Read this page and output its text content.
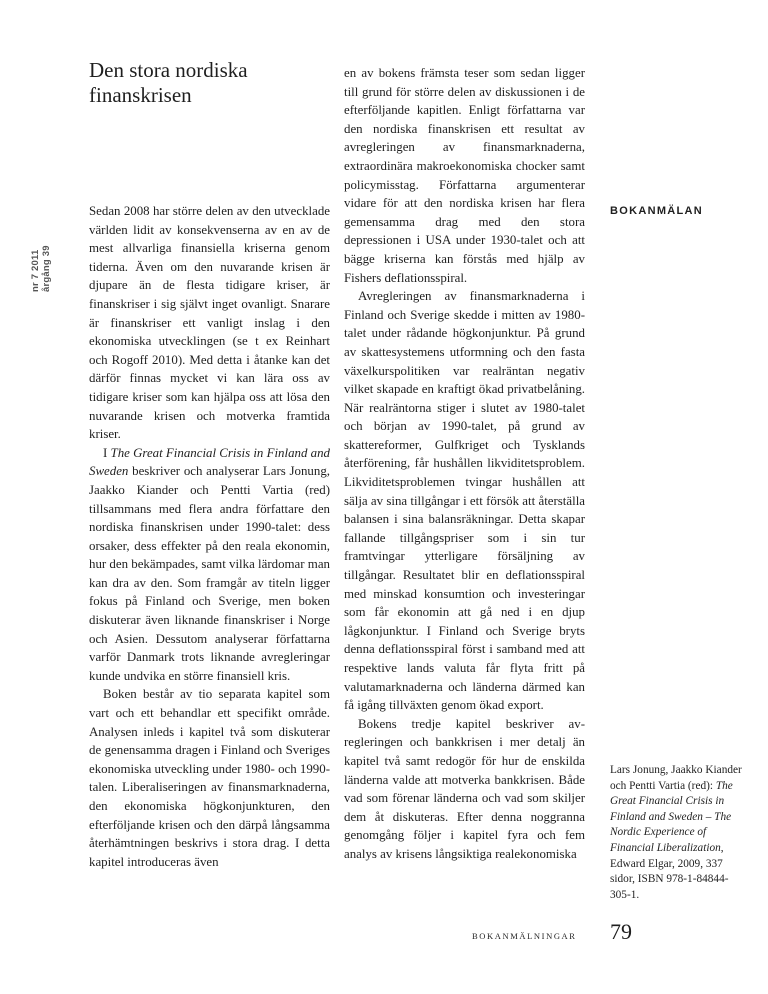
Den stora nordiska finanskrisen
nr 7 2011 årgång 39

Sedan 2008 har större delen av den utvecklade världen lidit av konsekvenserna av en av de mest allvarliga finansiella kriserna genom tiderna. Även om den nuvarande krisen är djupare än de flesta tidigare kriser, är finanskriser i sig självt inget ovanligt. Snarare är finanskriser ett vanligt inslag i den ekonomiska utvecklingen (se t ex Reinhart och Rogoff 2010). Med detta i åtanke kan det därför finnas mycket vi kan lära oss av tidigare kriser som kan hjälpa oss att lösa den nuvarande krisen och motverka framtida kriser.

I The Great Financial Crisis in Finland and Sweden beskriver och analyserar Lars Jonung, Jaakko Kiander och Pentti Vartia (red) tillsammans med flera andra författare den nordiska finanskrisen under 1990-talet: dess orsaker, dess effekter på den reala ekonomin, hur den bekämpades, samt vilka lärdomar man kan dra av den. Som framgår av titeln ligger fokus på Finland och Sverige, men boken diskuterar även liknande finanskriser i Norge och Asien. Dessutom analyserar författarna varför Danmark trots liknande avregleringar kunde undvika en större finansiell kris.

Boken består av tio separata kapitel som vart och ett behandlar ett specifikt område. Analysen inleds i kapitel två som diskuterar de genensamma dragen i Finland och Sveriges ekonomiska utveckling under 1980- och 1990-talen. Liberaliseringen av finansmarknaderna, den ekonomiska högkonjunkturen, den efterföljande krisen och den därpå långsamma återhämtningen beskrivs i stora drag. I detta kapitel introduceras även

en av bokens främsta teser som sedan ligger till grund för större delen av diskussionen i de efterföljande kapitlen. Enligt författarna var den nordiska finanskrisen ett resultat av avregleringen av finansmarknaderna, extraordinära makroekonomiska chocker samt policymisstag. Författarna argumenterar vidare för att den nordiska krisen har flera gemensamma drag med den stora depressionen i USA under 1930-talet och att bägge kriserna kan förstås med hjälp av Fishers deflationsspiral.

Avregleringen av finansmarknaderna i Finland och Sverige skedde i mitten av 1980-talet under rådande högkonjunktur. På grund av skattesystemens utformning och den fasta växelkurspolitiken var realräntan negativ vilket skapade en kraftigt ökad privatbelåning. När realräntorna stiger i slutet av 1980-talet och början av 1990-talet, på grund av skattereformer, Gulfkriget och Tysklands återförening, får hushållen likviditetsproblem. Likviditetsproblemen tvingar hushållen att sälja av sina tillgångar i ett försök att återställa balansen i sina balansräkningar. Detta skapar fallande tillgångspriser som i sin tur framtvingar ytterligare försäljning av tillgångar. Resultatet blir en deflationsspiral med minskad konsumtion och investeringar som får ekonomin att gå ned i en djup lågkonjunktur. I Finland och Sverige bryts denna deflationsspiral först i samband med att respektive lands valuta får flyta fritt på valutamarknaderna och länderna därmed kan få igång tillväxten genom ökad export.

Bokens tredje kapitel beskriver avregleringen och bankkrisen i mer detalj än kapitel två samt redogör för hur de enskilda länderna valde att motverka bankkrisen. Både vad som förenar länderna och vad som skiljer dem åt diskuteras. Efter denna noggranna genomgång följer i kapitel fyra och fem analys av krisens långsiktiga realekonomiska

BOKANMÄLAN
Lars Jonung, Jaakko Kiander och Pentti Vartia (red): The Great Financial Crisis in Finland and Sweden – The Nordic Experience of Financial Liberalization, Edward Elgar, 2009, 337 sidor, ISBN 978-1-84844-305-1.
BOKANMÄLNINGAR 79
